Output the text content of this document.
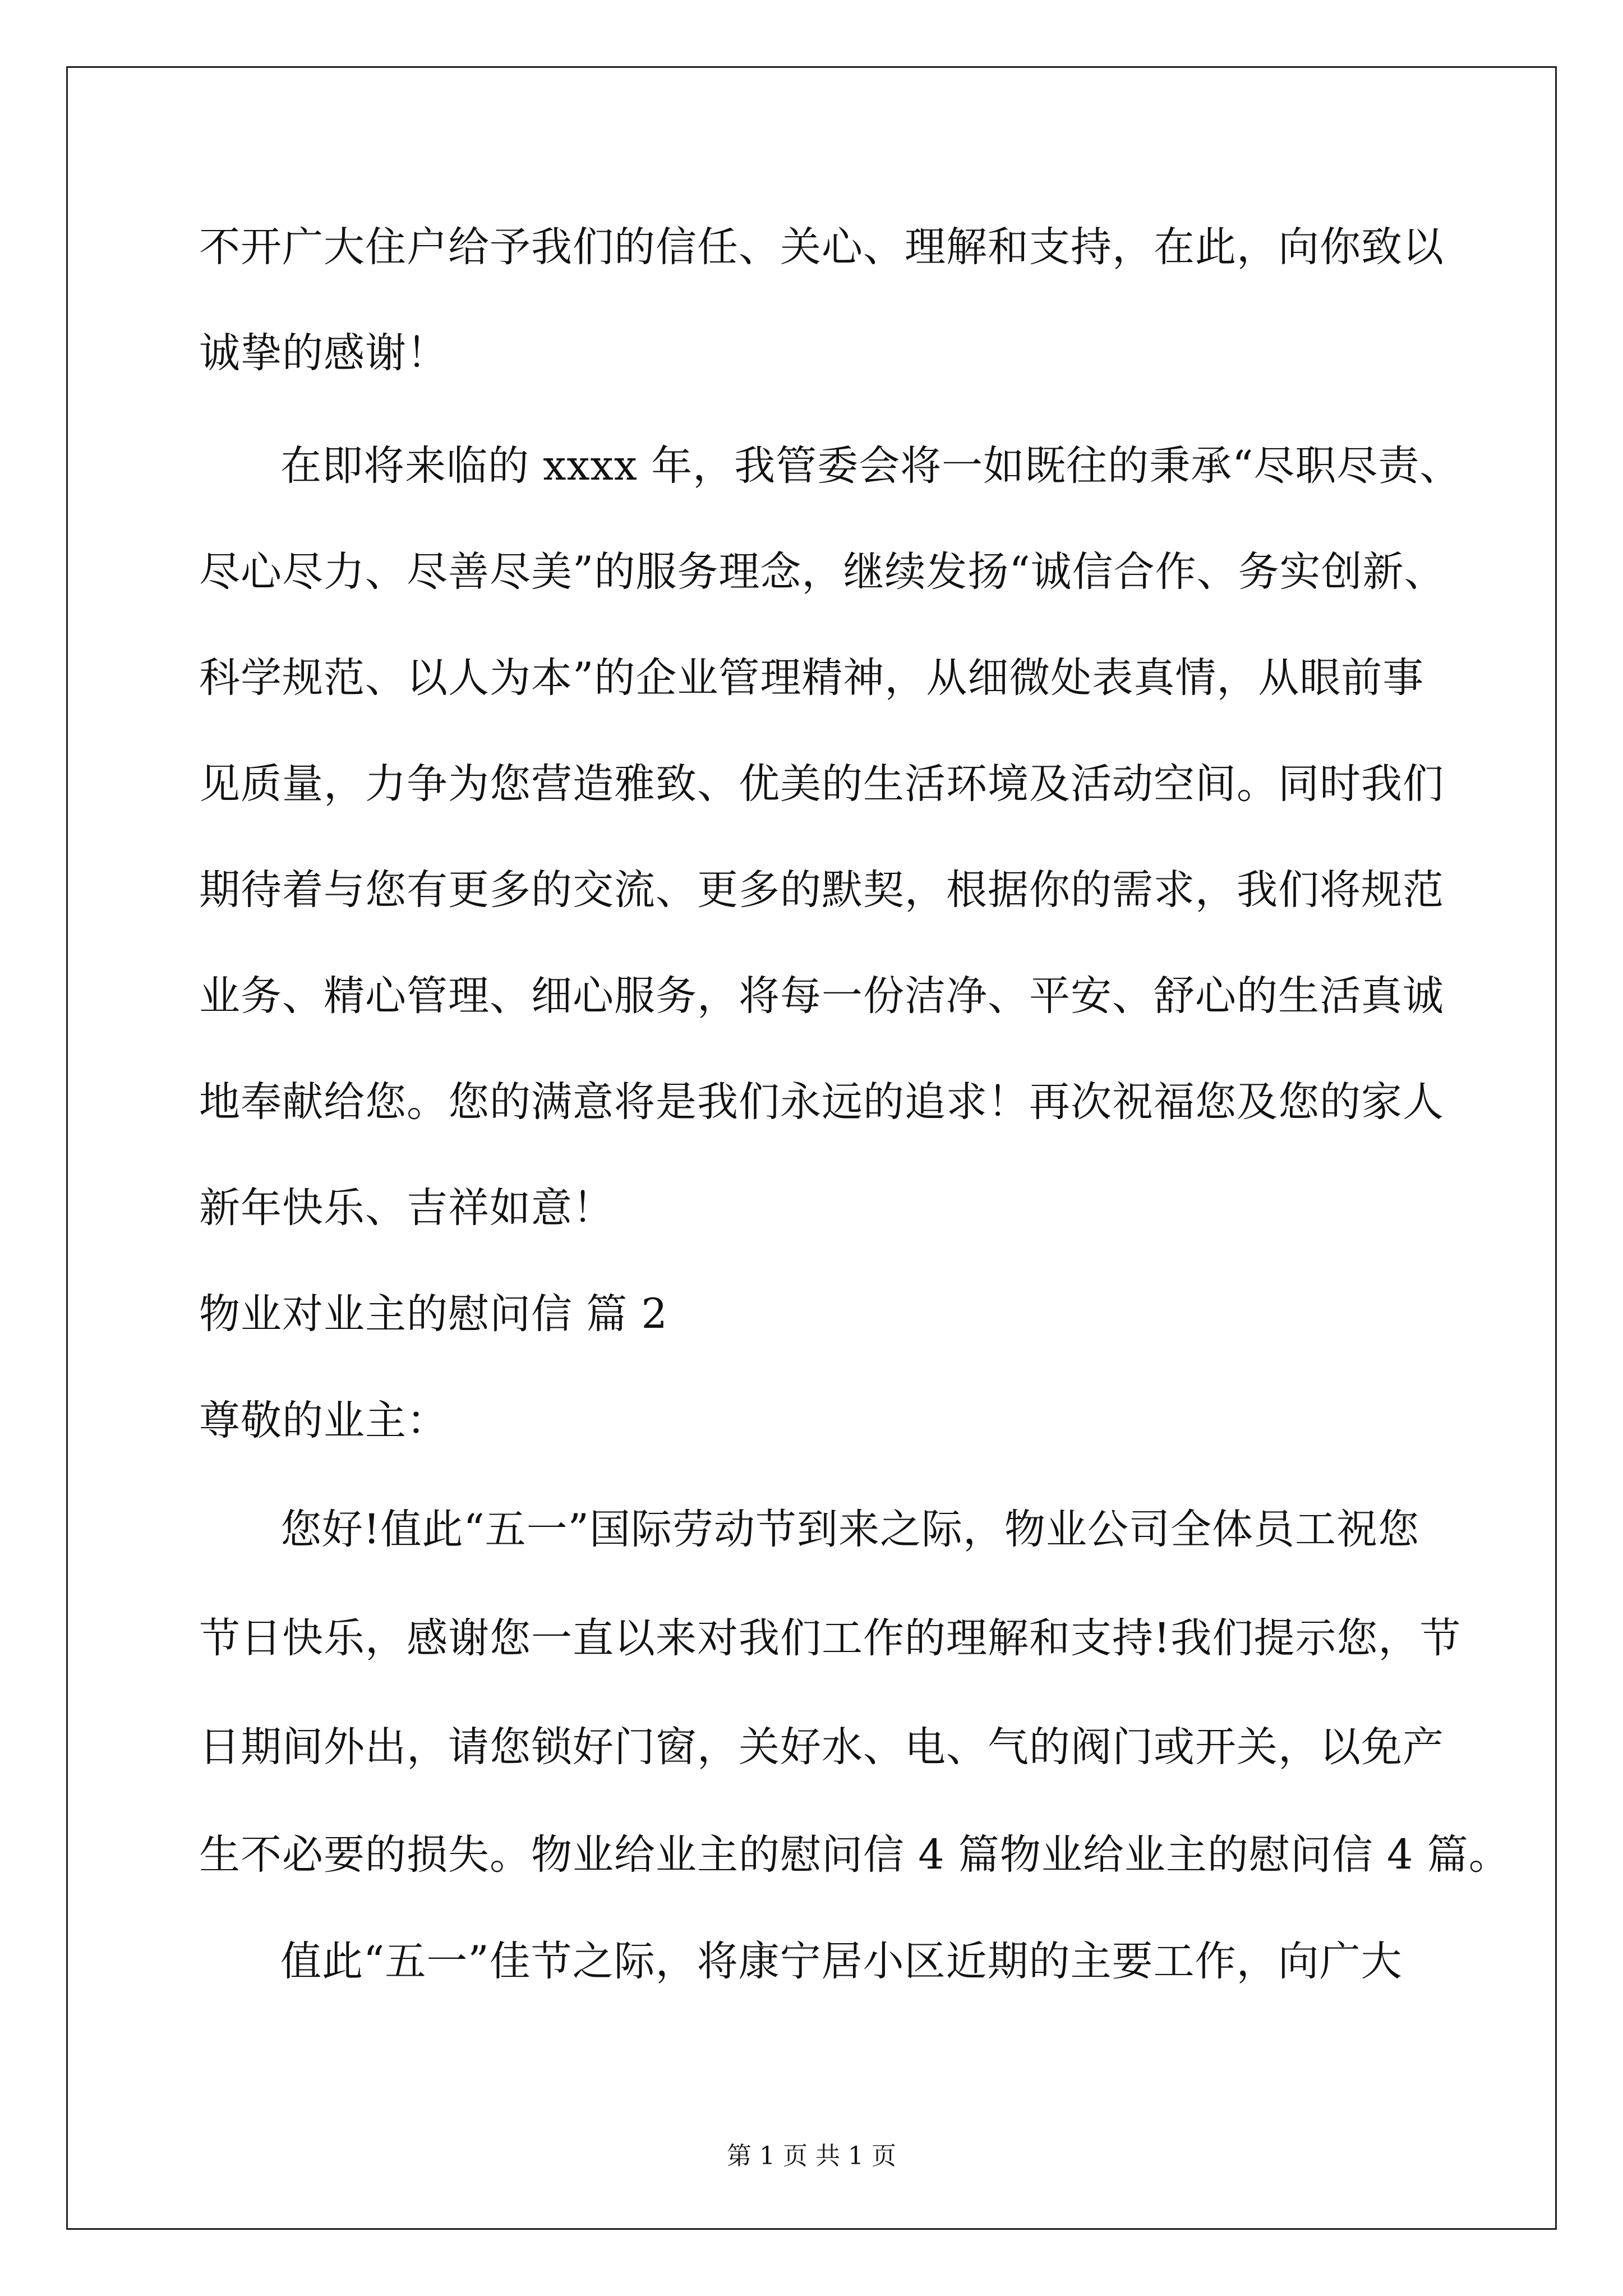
不开广大住户给予我们的信任、关心、理解和支持，在此，向你致以
诚挚的感谢！
在即将来临的 xxxx 年，我管委会将一如既往的秉承“尽职尽责、
尽心尽力、尽善尽美”的服务理念，继续发扬“诚信合作、务实创新、
科学规范、以人为本”的企业管理精神，从细微处表真情，从眼前事
见质量，力争为您营造雅致、优美的生活环境及活动空间。同时我们
期待着与您有更多的交流、更多的默契，根据你的需求，我们将规范
业务、精心管理、细心服务，将每一份洁净、平安、舒心的生活真诚
地奉献给您。您的满意将是我们永远的追求！再次祝福您及您的家人
新年快乐、吉祥如意！
物业对业主的慰问信 篇 2
尊敬的业主：
您好!值此“五一”国际劳动节到来之际，物业公司全体员工祝您
节日快乐，感谢您一直以来对我们工作的理解和支持!我们提示您，节
日期间外出，请您锁好门窗，关好水、电、气的阀门或开关，以免产
生不必要的损失。物业给业主的慰问信 4 篇物业给业主的慰问信 4 篇。
值此“五一”佳节之际，将康宁居小区近期的主要工作，向广大
第 1 页 共 1 页
